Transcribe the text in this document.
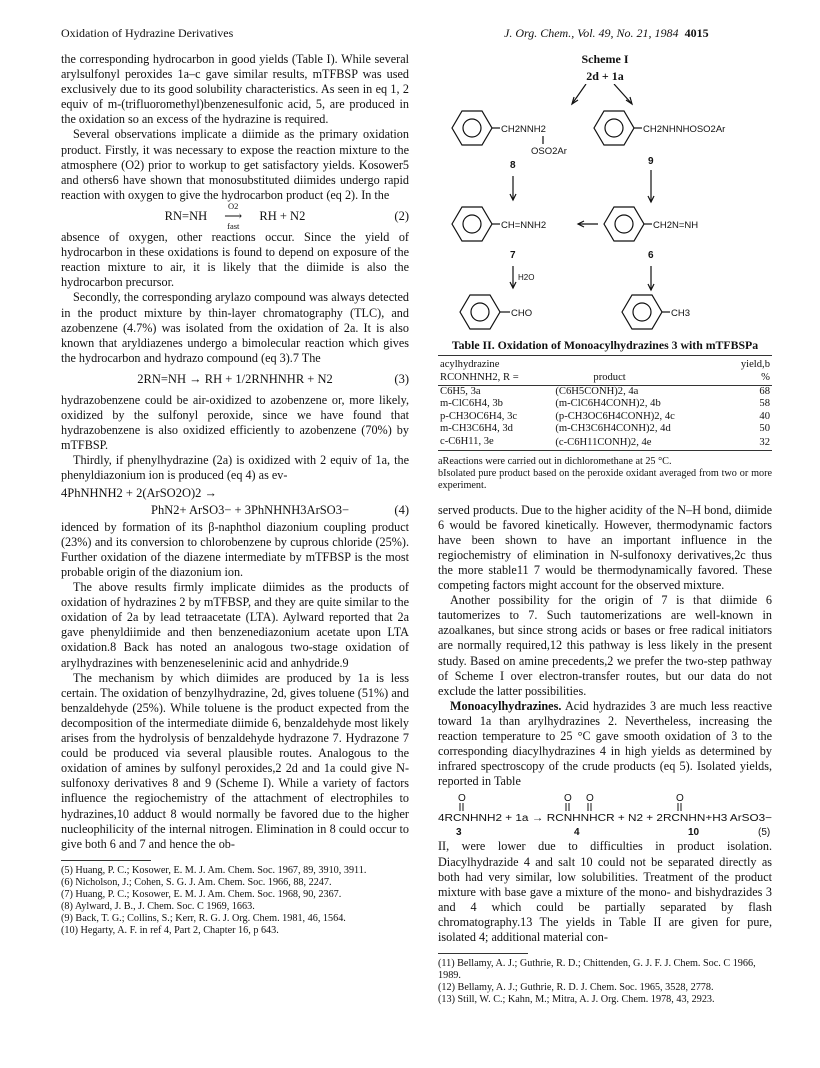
Oxidation of Hydrazine Derivatives	J. Org. Chem., Vol. 49, No. 21, 1984 4015

the corresponding hydrocarbon in good yields (Table I). While several arylsulfonyl peroxides 1a–c gave similar results, mTFBSP was used exclusively due to its good solubility characteristics. As seen in eq 1, 2 equiv of m-(trifluoromethyl)benzenesulfonic acid, 5, are produced in the oxidation so an excess of the hydrazine is required.

Several observations implicate a diimide as the primary oxidation product. Firstly, it was necessary to expose the reaction mixture to the atmosphere (O2) prior to workup to get satisfactory yields. Kosower5 and others6 have shown that monosubstituted diimides undergo rapid reaction with oxygen to give the hydrocarbon product (eq 2). In the

RN=NH
O2
⟶
fast
RH + N2	(2)

absence of oxygen, other reactions occur. Since the yield of hydrocarbon in these oxidations is found to depend on exposure of the reaction mixture to air, it is likely that the diimide is also the hydrocarbon precursor.

Secondly, the corresponding arylazo compound was always detected in the product mixture by thin-layer chromatography (TLC), and azobenzene (4.7%) was isolated from the oxidation of 2a. It is also known that aryldiazenes undergo a bimolecular reaction which gives the hydrocarbon and hydrazo compound (eq 3).7 The

2RN=NH → RH + 1/2RNHNHR + N2	(3)

hydrazobenzene could be air-oxidized to azobenzene or, more likely, oxidized by the sulfonyl peroxide, since we have found that hydrazobenzene is also oxidized efficiently to azobenzene (70%) by mTFBSP.

Thirdly, if phenylhydrazine (2a) is oxidized with 2 equiv of 1a, the phenyldiazonium ion is produced (eq 4) as ev-

4PhNHNH2 + 2(ArSO2O)2 →
PhN2+ ArSO3− + 3PhNHNH3ArSO3−	(4)

idenced by formation of its β-naphthol diazonium coupling product (23%) and its conversion to chlorobenzene by cuprous chloride (25%). Further oxidation of the diazene intermediate by mTFBSP is the most probable origin of the diazonium ion.

The above results firmly implicate diimides as the products of oxidation of hydrazines 2 by mTFBSP, and they are quite similar to the oxidation of 2a by lead tetraacetate (LTA). Aylward reported that 2a gave phenyldiimide and then benzenediazonium acetate upon LTA oxidation.8 Back has noted an analogous two-stage oxidation of arylhydrazines with benzeneseleninic acid and anhydride.9

The mechanism by which diimides are produced by 1a is less certain. The oxidation of benzylhydrazine, 2d, gives toluene (51%) and benzaldehyde (25%). While toluene is the product expected from the decomposition of the intermediate diimide 6, benzaldehyde most likely arises from the hydrolysis of benzaldehyde hydrazone 7. Hydrazone 7 could be produced via several plausible routes. Analogous to the oxidation of amines by sulfonyl peroxides,2 2d and 1a could give N-sulfonoxy derivatives 8 and 9 (Scheme I). While a variety of factors influence the regiochemistry of the attachment of electrophiles to hydrazines,10 adduct 8 would normally be favored due to the higher nucleophilicity of the internal nitrogen. Elimination in 8 could occur to give both 6 and 7 and hence the ob-

(5) Huang, P. C.; Kosower, E. M. J. Am. Chem. Soc. 1967, 89, 3910, 3911.
(6) Nicholson, J.; Cohen, S. G. J. Am. Chem. Soc. 1966, 88, 2247.
(7) Huang, P. C.; Kosower, E. M. J. Am. Chem. Soc. 1968, 90, 2367.
(8) Aylward, J. B., J. Chem. Soc. C 1969, 1663.
(9) Back, T. G.; Collins, S.; Kerr, R. G. J. Org. Chem. 1981, 46, 1564.
(10) Hegarty, A. F. in ref 4, Part 2, Chapter 16, p 643.
Scheme I
2d + 1a
CH2NNH2
OSO2Ar
8
CH2NHNHOSO2Ar
9
CH=NNH2
7
CH2N=NH
6
H2O
CHO	CH3
Table II. Oxidation of Monoacylhydrazines 3 with mTFBSPa
acylhydrazine
RCONHNH2, R =	product	yield,b
%

C6H5, 3a	(C6H5CONH)2, 4a	68
m-ClC6H4, 3b	(m-ClC6H4CONH)2, 4b	58
p-CH3OC6H4, 3c	(p-CH3OC6H4CONH)2, 4c	40
m-CH3C6H4, 3d	(m-CH3C6H4CONH)2, 4d	50
c-C6H11, 3e	(c-C6H11CONH)2, 4e	32
aReactions were carried out in dichloromethane at 25 °C.
bIsolated pure product based on the peroxide oxidant averaged from two or more experiment.

served products. Due to the higher acidity of the N–H bond, diimide 6 would be favored kinetically. However, thermodynamic factors have been shown to have an important influence in the regiochemistry of elimination in N-sulfonoxy derivatives,2c thus the more stable11 7 would be thermodynamically favored. These competing factors might account for the observed mixture.

Another possibility for the origin of 7 is that diimide 6 tautomerizes to 7. Such tautomerizations are well-known in azoalkanes, but since strong acids or bases or free radical initiators are normally required,12 this pathway is less likely in the present study. Based on amine precedents,2 we prefer the two-step pathway of Scheme I over electron-transfer routes, but our data do not exclude the latter possibilities.

Monoacylhydrazines. Acid hydrazides 3 are much less reactive toward 1a than arylhydrazines 2. Nevertheless, increasing the reaction temperature to 25 °C gave smooth oxidation of 3 to the corresponding diacylhydrazines 4 in high yields as determined by infrared spectroscopy of the crude products (eq 5). Isolated yields, reported in Table

O	O O	O
4RCNHNH2 + 1a → RCNHNHCR + N2 + 2RCNHN+H3 ArSO3−
3	4	10	(5)

II, were lower due to difficulties in product isolation. Diacylhydrazide 4 and salt 10 could not be separated directly as both had very similar, low solubilities. Treatment of the product mixture with base gave a mixture of the mono- and bishydrazides 3 and 4 which could be partially separated by flash chromatography.13 The yields in Table II are given for pure, isolated 4; additional material con-

(11) Bellamy, A. J.; Guthrie, R. D.; Chittenden, G. J. F. J. Chem. Soc. C 1966, 1989.
(12) Bellamy, A. J.; Guthrie, R. D. J. Chem. Soc. 1965, 3528, 2778.
(13) Still, W. C.; Kahn, M.; Mitra, A. J. Org. Chem. 1978, 43, 2923.
